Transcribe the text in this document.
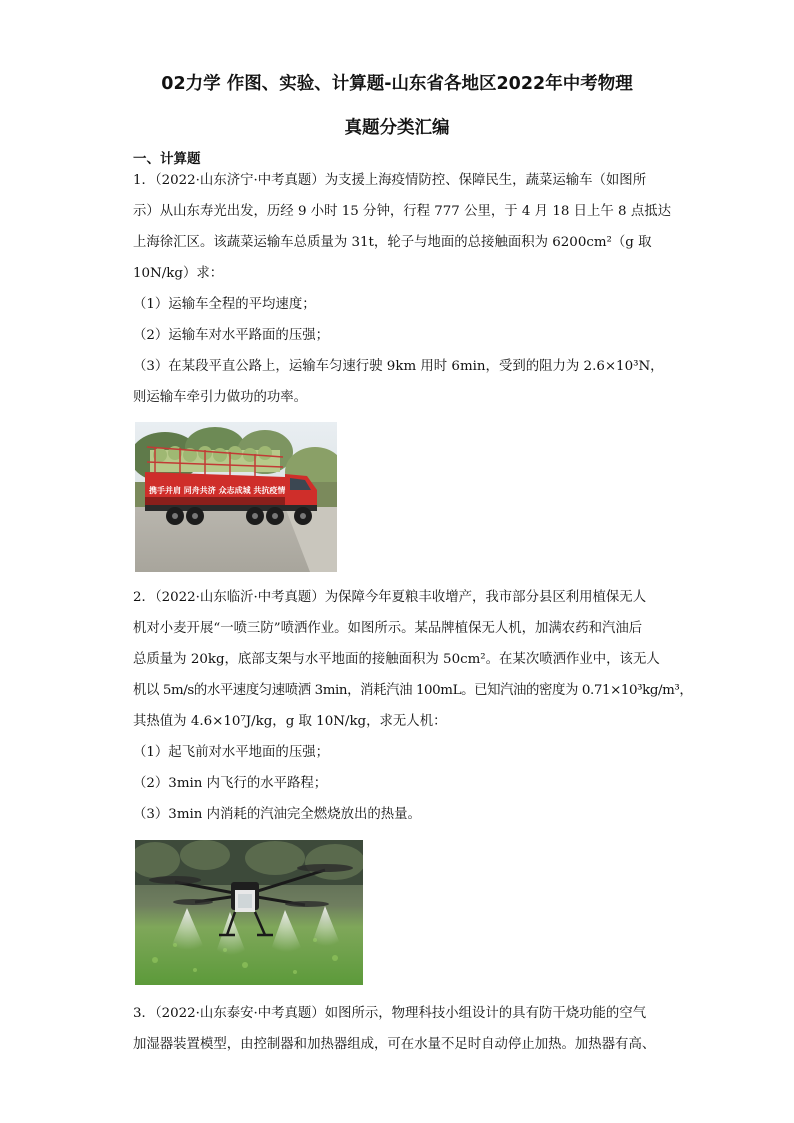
02力学 作图、实验、计算题-山东省各地区2022年中考物理
真题分类汇编
一、计算题
1．（2022·山东济宁·中考真题）为支援上海疫情防控、保障民生，蔬菜运输车（如图所
示）从山东寿光出发，历经 9 小时 15 分钟，行程 777 公里，于 4 月 18 日上午 8 点抵达
上海徐汇区。该蔬菜运输车总质量为 31t，轮子与地面的总接触面积为 6200cm²（g 取
10N/kg）求：
（1）运输车全程的平均速度；
（2）运输车对水平路面的压强；
（3）在某段平直公路上，运输车匀速行驶 9km 用时 6min，受到的阻力为 2.6×10³N，
则运输车牵引力做功的功率。
携手并肩 同舟共济 众志成城 共抗疫情
2．（2022·山东临沂·中考真题）为保障今年夏粮丰收增产，我市部分县区利用植保无人
机对小麦开展“一喷三防”喷洒作业。如图所示。某品牌植保无人机，加满农药和汽油后
总质量为 20kg，底部支架与水平地面的接触面积为 50cm²。在某次喷洒作业中，该无人
机以 5m/s的水平速度匀速喷洒 3min，消耗汽油 100mL。已知汽油的密度为 0.71×10³kg/m³，
其热值为 4.6×10⁷J/kg，g 取 10N/kg，求无人机：
（1）起飞前对水平地面的压强；
（2）3min 内飞行的水平路程；
（3）3min 内消耗的汽油完全燃烧放出的热量。
3．（2022·山东泰安·中考真题）如图所示，物理科技小组设计的具有防干烧功能的空气
加湿器装置模型，由控制器和加热器组成，可在水量不足时自动停止加热。加热器有高、
